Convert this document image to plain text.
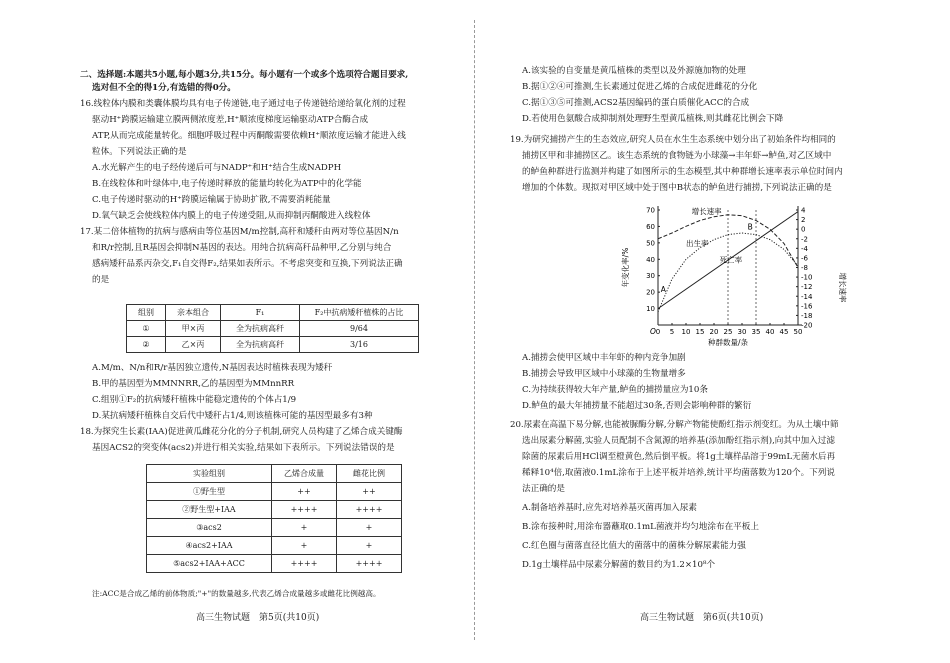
二、选择题:本题共5小题,每小题3分,共15分。每小题有一个或多个选项符合题目要求,
选对但不全的得1分,有选错的得0分。
16.线粒体内膜和类囊体膜均具有电子传递链,电子通过电子传递链给递给氧化剂的过程
驱动H⁺跨膜运输建立膜两侧浓度差,H⁺顺浓度梯度运输驱动ATP合酶合成
ATP,从而完成能量转化。细胞呼吸过程中丙酮酸需要依赖H⁺顺浓度运输才能进入线
粒体。下列说法正确的是
A.水光解产生的电子经传递后可与NADP⁺和H⁺结合生成NADPH
B.在线粒体和叶绿体中,电子传递时释放的能量均转化为ATP中的化学能
C.电子传递时驱动的H⁺跨膜运输属于协助扩散,不需要消耗能量
D.氧气缺乏会使线粒体内膜上的电子传递受阻,从而抑制丙酮酸进入线粒体
17.某二倍体植物的抗病与感病由等位基因M/m控制,高秆和矮秆由两对等位基因N/n
和R/r控制,且R基因会抑制N基因的表达。用纯合抗病高秆品种甲,乙分别与纯合
感病矮秆品系丙杂交,F₁自交得F₂,结果如表所示。不考虑突变和互换,下列说法正确
的是
组别	亲本组合	F₁	F₂中抗病矮秆植株的占比
①	甲×丙	全为抗病高秆	9/64
②	乙×丙	全为抗病高秆	3/16
A.M/m、N/n和R/r基因独立遗传,N基因表达时植株表现为矮秆
B.甲的基因型为MMNNRR,乙的基因型为MMnnRR
C.组别①F₂的抗病矮秆植株中能稳定遗传的个体占1/9
D.某抗病矮秆植株自交后代中矮秆占1/4,则该植株可能的基因型最多有3种
18.为探究生长素(IAA)促进黄瓜雌花分化的分子机制,研究人员构建了乙烯合成关键酶
基因ACS2的突变体(acs2)并进行相关实验,结果如下表所示。下列说法错误的是
实验组别	乙烯合成量	雌花比例
①野生型	++	++
②野生型+IAA	++++	++++
③acs2	+	+
④acs2+IAA	+	+
⑤acs2+IAA+ACC	++++	++++
注:ACC是合成乙烯的前体物质;"+"的数量越多,代表乙烯合成量越多或雌花比例越高。
高三生物试题　第5页(共10页)
A.该实验的自变量是黄瓜植株的类型以及外源施加物的处理
B.据①②④可推测,生长素通过促进乙烯的合成促进雌花的分化
C.据①③⑤可推测,ACS2基因编码的蛋白质催化ACC的合成
D.若使用色氨酸合成抑制剂处理野生型黄瓜植株,则其雌花比例会下降
19.为研究捕捞产生的生态效应,研究人员在水生生态系统中划分出了初始条件均相同的
捕捞区甲和非捕捞区乙。该生态系统的食物链为小球藻→丰年虾→鲈鱼,对乙区域中
的鲈鱼种群进行监测并构建了如图所示的生态模型,其中种群增长速率表示单位时间内
增加的个体数。现拟对甲区域中处于图中B状态的鲈鱼进行捕捞,下列说法正确的是
0 5 10 15 20 25 30 35 40 45 50
10
20
30
40
50
60
70	4
2
0
-2
-4
-6
-8
-10
-12
-14
-16
-18
-20
种群数量/条
年变化率/%
增长速率
O
增长速率
出生率
死亡率
A
B
A.捕捞会使甲区域中丰年虾的种内竞争加剧
B.捕捞会导致甲区域中小球藻的生物量增多
C.为持续获得较大年产量,鲈鱼的捕捞量应为10条
D.鲈鱼的最大年捕捞量不能超过30条,否则会影响种群的繁衍
20.尿素在高温下易分解,也能被脲酶分解,分解产物能使酚红指示剂变红。为从土壤中筛
选出尿素分解菌,实验人员配制不含氮源的培养基(添加酚红指示剂),向其中加入过滤
除菌的尿素后用HCl调至橙黄色,然后倒平板。将1g土壤样品溶于99mL无菌水后再
稀释10⁴倍,取菌液0.1mL涂布于上述平板并培养,统计平均菌落数为120个。下列说
法正确的是
A.制备培养基时,应先对培养基灭菌再加入尿素
B.涂布接种时,用涂布器蘸取0.1mL菌液并均匀地涂布在平板上
C.红色圈与菌落直径比值大的菌落中的菌株分解尿素能力强
D.1g土壤样品中尿素分解菌的数目约为1.2×10⁸个
高三生物试题　第6页(共10页)
